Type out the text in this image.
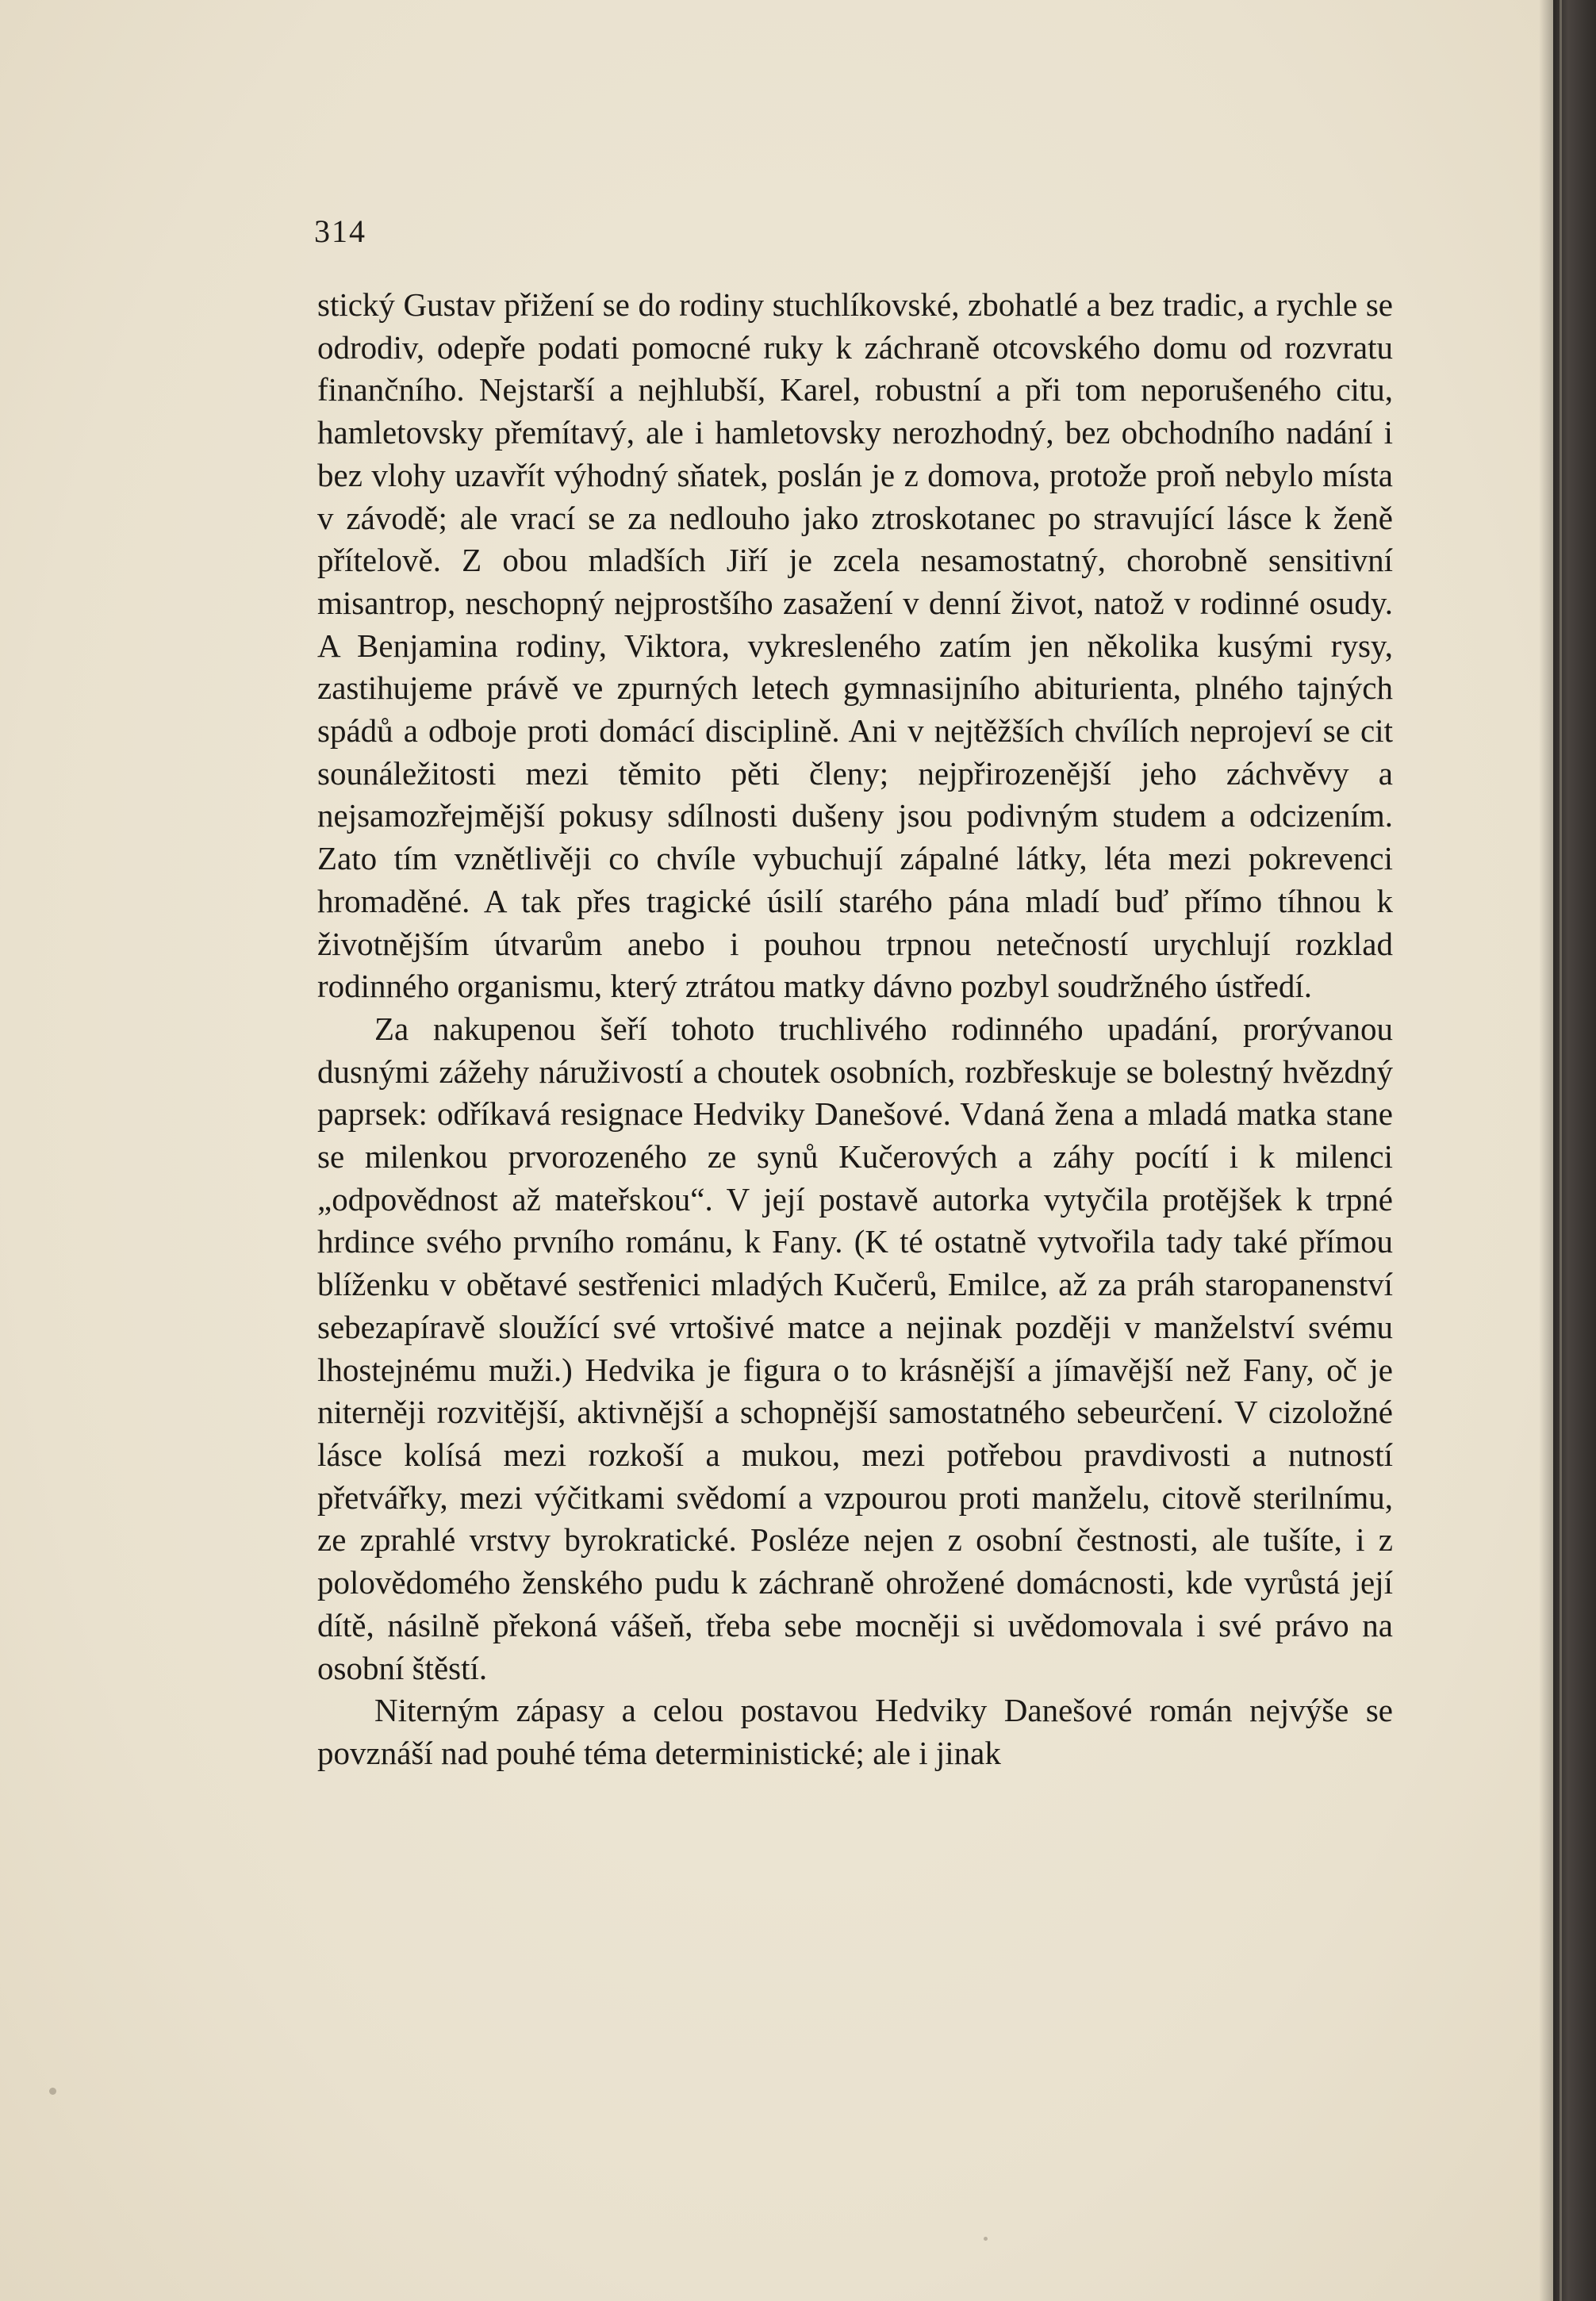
314

stický Gustav přižení se do rodiny stuchlíkovské, zbohatlé a bez tradic, a rychle se odrodiv, odepře podati pomocné ruky k záchraně otcovského domu od rozvratu finančního. Nejstarší a nejhlubší, Karel, robustní a při tom neporušeného citu, hamletovsky přemítavý, ale i hamletovsky nerozhodný, bez obchodního nadání i bez vlohy uzavřít výhodný sňatek, poslán je z domova, protože proň nebylo místa v závodě; ale vrací se za nedlouho jako ztroskotanec po stravující lásce k ženě přítelově. Z obou mladších Jiří je zcela nesamostatný, chorobně sensitivní misantrop, neschopný nejprostšího zasažení v denní život, natož v rodinné osudy. A Benjamina rodiny, Viktora, vykresleného zatím jen několika kusými rysy, zastihujeme právě ve zpurných letech gymnasijního abiturienta, plného tajných spádů a odboje proti domácí disciplině. Ani v nejtěžších chvílích neprojeví se cit sounáležitosti mezi těmito pěti členy; nejpřirozenější jeho záchvěvy a nejsamozřejmější pokusy sdílnosti dušeny jsou podivným studem a odcizením. Zato tím vznětlivěji co chvíle vybuchují zápalné látky, léta mezi pokrevenci hromaděné. A tak přes tragické úsilí starého pána mladí buď přímo tíhnou k životnějším útvarům anebo i pouhou trpnou netečností urychlují rozklad rodinného organismu, který ztrátou matky dávno pozbyl soudržného ústředí.

Za nakupenou šeří tohoto truchlivého rodinného upadání, prorývanou dusnými zážehy náruživostí a choutek osobních, rozbřeskuje se bolestný hvězdný paprsek: odříkavá resignace Hedviky Danešové. Vdaná žena a mladá matka stane se milenkou prvorozeného ze synů Kučerových a záhy pocítí i k milenci „odpovědnost až mateřskou“. V její postavě autorka vytyčila protějšek k trpné hrdince svého prvního románu, k Fany. (K té ostatně vytvořila tady také přímou blíženku v obětavé sestřenici mladých Kučerů, Emilce, až za práh staropanenství sebezapíravě sloužící své vrtošivé matce a nejinak později v manželství svému lhostejnému muži.) Hedvika je figura o to krásnější a jímavější než Fany, oč je niterněji rozvitější, aktivnější a schopnější samostatného sebeurčení. V cizoložné lásce kolísá mezi rozkoší a mukou, mezi potřebou pravdivosti a nutností přetvářky, mezi výčitkami svědomí a vzpourou proti manželu, citově sterilnímu, ze zprahlé vrstvy byrokratické. Posléze nejen z osobní čestnosti, ale tušíte, i z polovědomého ženského pudu k záchraně ohrožené domácnosti, kde vyrůstá její dítě, násilně překoná vášeň, třeba sebe mocněji si uvědomovala i své právo na osobní štěstí.

Niterným zápasy a celou postavou Hedviky Danešové román nejvýše se povznáší nad pouhé téma deterministické; ale i jinak
